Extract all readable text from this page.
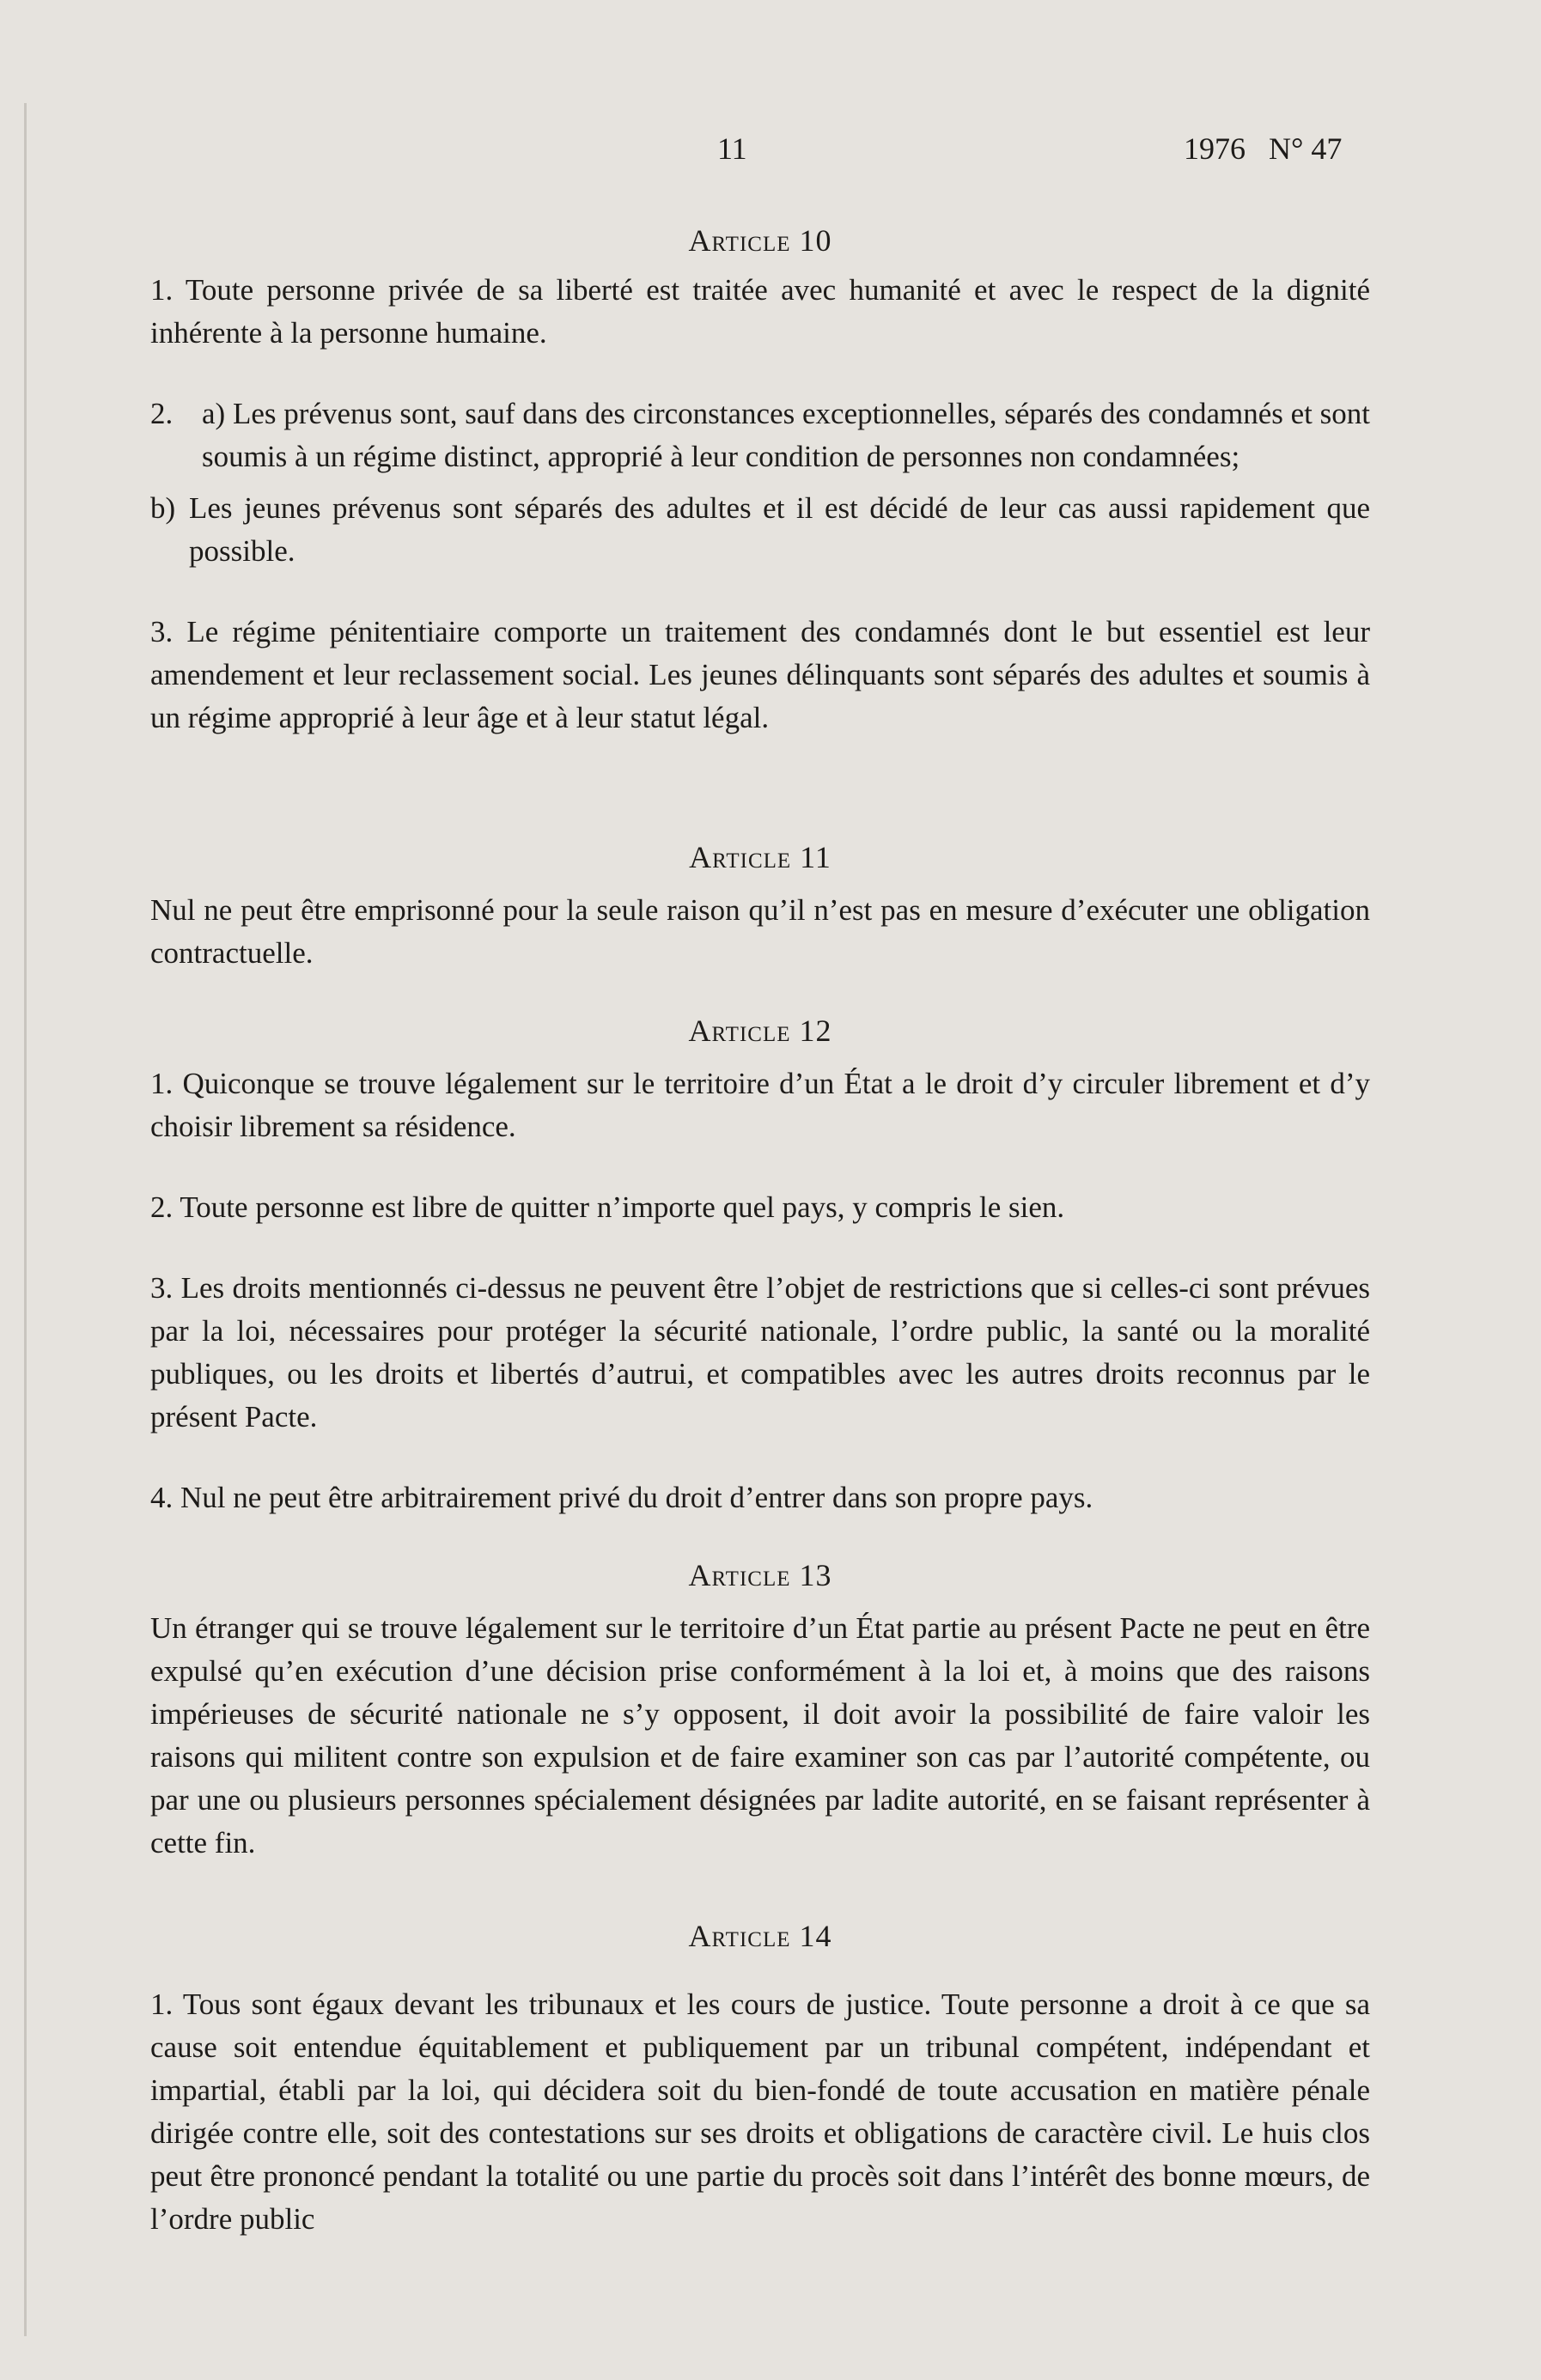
11	1976   N° 47

Article 10

1. Toute personne privée de sa liberté est traitée avec humanité et avec le respect de la dignité inhérente à la personne humaine.

2. a) Les prévenus sont, sauf dans des circonstances exceptionnelles, séparés des condamnés et sont soumis à un régime distinct, approprié à leur condition de personnes non condamnées;
b) Les jeunes prévenus sont séparés des adultes et il est décidé de leur cas aussi rapidement que possible.

3. Le régime pénitentiaire comporte un traitement des condamnés dont le but essentiel est leur amendement et leur reclassement social. Les jeunes délinquants sont séparés des adultes et soumis à un régime approprié à leur âge et à leur statut légal.

Article 11

Nul ne peut être emprisonné pour la seule raison qu’il n’est pas en mesure d’exécuter une obligation contractuelle.

Article 12

1. Quiconque se trouve légalement sur le territoire d’un État a le droit d’y circuler librement et d’y choisir librement sa résidence.

2. Toute personne est libre de quitter n’importe quel pays, y compris le sien.

3. Les droits mentionnés ci-dessus ne peuvent être l’objet de restrictions que si celles-ci sont prévues par la loi, nécessaires pour protéger la sécurité nationale, l’ordre public, la santé ou la moralité publiques, ou les droits et libertés d’autrui, et compatibles avec les autres droits reconnus par le présent Pacte.

4. Nul ne peut être arbitrairement privé du droit d’entrer dans son propre pays.

Article 13

Un étranger qui se trouve légalement sur le territoire d’un État partie au présent Pacte ne peut en être expulsé qu’en exécution d’une décision prise conformément à la loi et, à moins que des raisons impérieuses de sécurité nationale ne s’y opposent, il doit avoir la possibilité de faire valoir les raisons qui militent contre son expulsion et de faire examiner son cas par l’autorité compétente, ou par une ou plusieurs personnes spécialement désignées par ladite autorité, en se faisant représenter à cette fin.

Article 14

1. Tous sont égaux devant les tribunaux et les cours de justice. Toute personne a droit à ce que sa cause soit entendue équitablement et publiquement par un tribunal compétent, indépendant et impartial, établi par la loi, qui décidera soit du bien-fondé de toute accusation en matière pénale dirigée contre elle, soit des contestations sur ses droits et obligations de caractère civil. Le huis clos peut être prononcé pendant la totalité ou une partie du procès soit dans l’intérêt des bonne mœurs, de l’ordre public
